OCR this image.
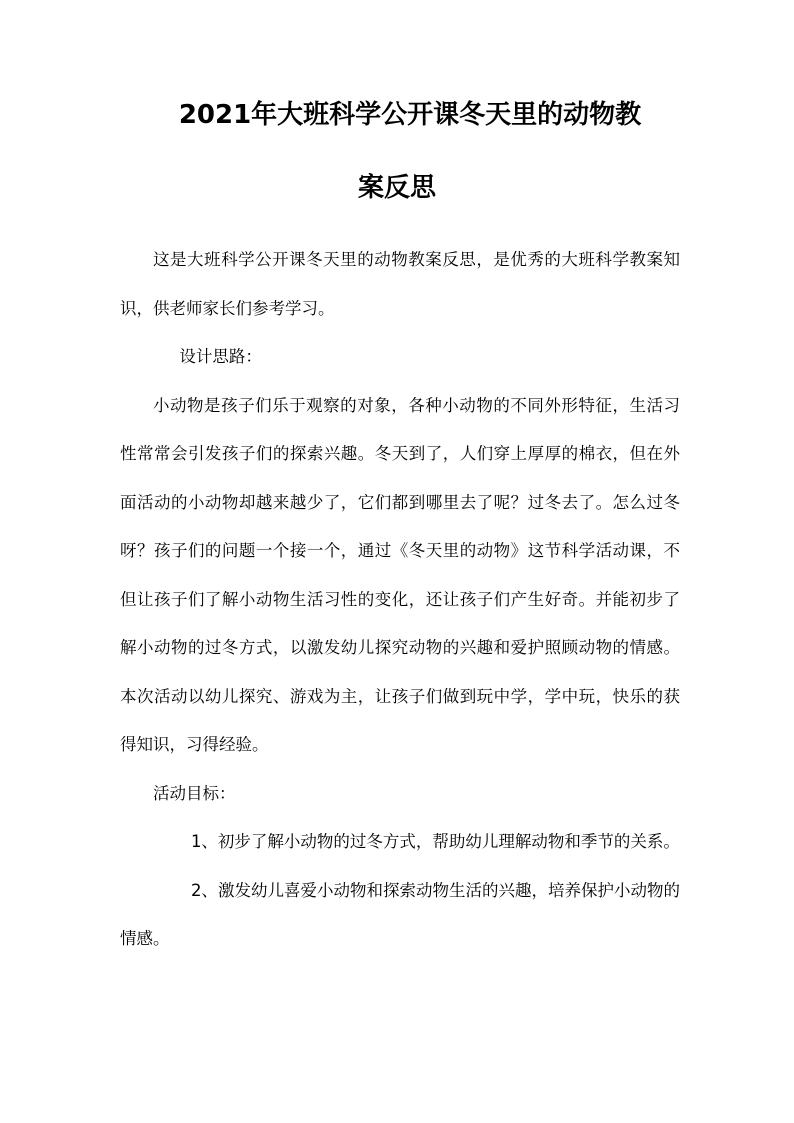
2021年大班科学公开课冬天里的动物教
案反思

这是大班科学公开课冬天里的动物教案反思，是优秀的大班科学教案知识，供老师家长们参考学习。

设计思路：

小动物是孩子们乐于观察的对象，各种小动物的不同外形特征，生活习性常常会引发孩子们的探索兴趣。冬天到了，人们穿上厚厚的棉衣，但在外面活动的小动物却越来越少了，它们都到哪里去了呢？过冬去了。怎么过冬呀？孩子们的问题一个接一个，通过《冬天里的动物》这节科学活动课，不但让孩子们了解小动物生活习性的变化，还让孩子们产生好奇。并能初步了解小动物的过冬方式，以激发幼儿探究动物的兴趣和爱护照顾动物的情感。本次活动以幼儿探究、游戏为主，让孩子们做到玩中学，学中玩，快乐的获得知识，习得经验。

活动目标：

1、初步了解小动物的过冬方式，帮助幼儿理解动物和季节的关系。

2、激发幼儿喜爱小动物和探索动物生活的兴趣，培养保护小动物的情感。
